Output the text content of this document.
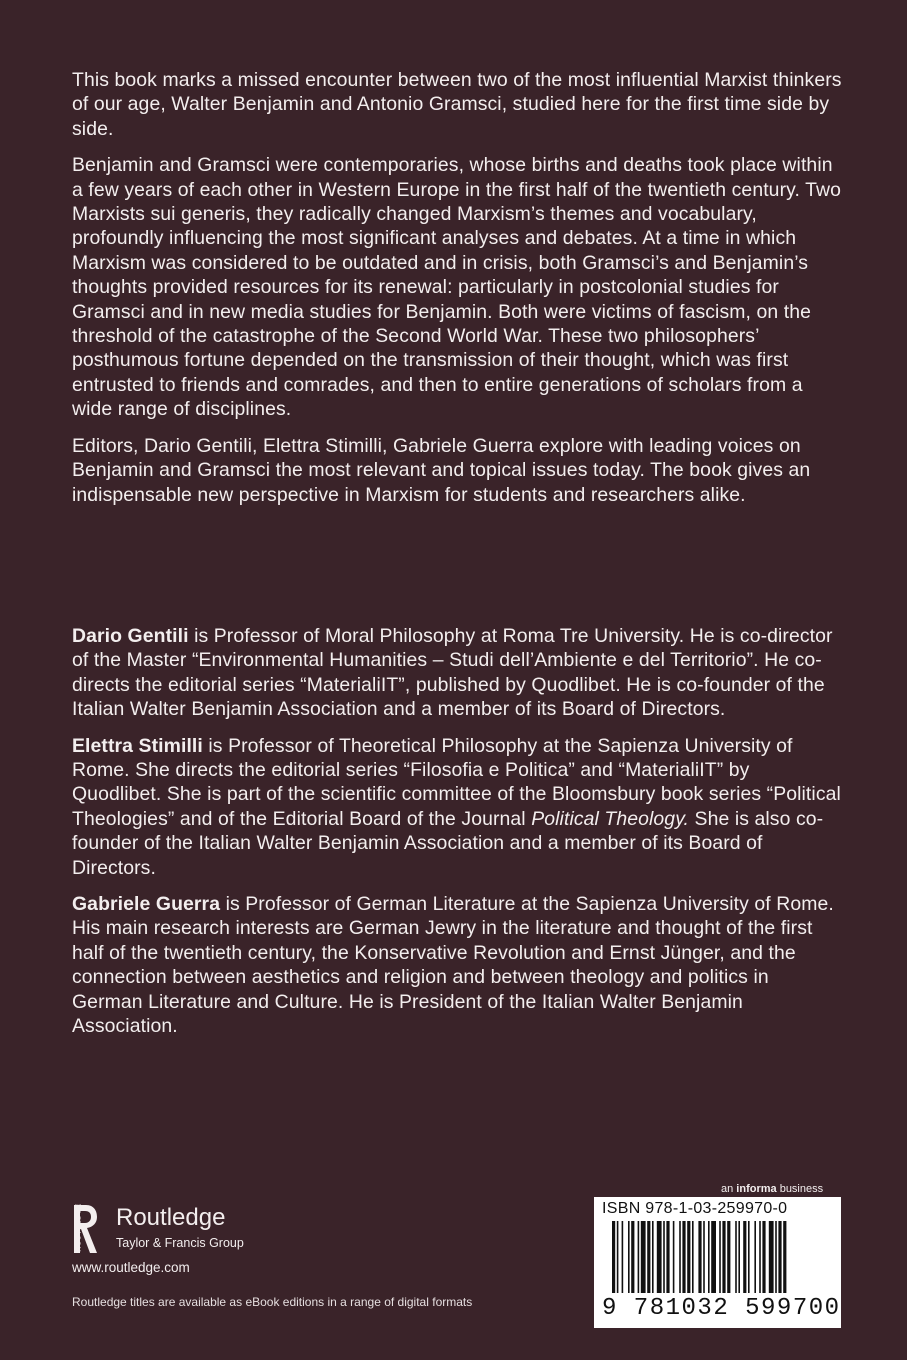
This book marks a missed encounter between two of the most influential Marxist thinkers of our age, Walter Benjamin and Antonio Gramsci, studied here for the first time side by side.

Benjamin and Gramsci were contemporaries, whose births and deaths took place within a few years of each other in Western Europe in the first half of the twentieth century. Two Marxists sui generis, they radically changed Marxism’s themes and vocabulary, profoundly influencing the most significant analyses and debates. At a time in which Marxism was considered to be outdated and in crisis, both Gramsci’s and Benjamin’s thoughts provided resources for its renewal: particularly in postcolonial studies for Gramsci and in new media studies for Benjamin. Both were victims of fascism, on the threshold of the catastrophe of the Second World War. These two philosophers’ posthumous fortune depended on the transmission of their thought, which was first entrusted to friends and comrades, and then to entire generations of scholars from a wide range of disciplines.

Editors, Dario Gentili, Elettra Stimilli, Gabriele Guerra explore with leading voices on Benjamin and Gramsci the most relevant and topical issues today. The book gives an indispensable new perspective in Marxism for students and researchers alike.

Dario Gentili is Professor of Moral Philosophy at Roma Tre University. He is co-director of the Master “Environmental Humanities – Studi dell’Ambiente e del Territorio”. He co-directs the editorial series “MaterialiIT”, published by Quodlibet. He is co-founder of the Italian Walter Benjamin Association and a member of its Board of Directors.

Elettra Stimilli is Professor of Theoretical Philosophy at the Sapienza University of Rome. She directs the editorial series “Filosofia e Politica” and “MaterialiIT” by Quodlibet. She is part of the scientific committee of the Bloomsbury book series “Political Theologies” and of the Editorial Board of the Journal Political Theology. She is also co-founder of the Italian Walter Benjamin Association and a member of its Board of Directors.

Gabriele Guerra is Professor of German Literature at the Sapienza University of Rome. His main research interests are German Jewry in the literature and thought of the first half of the twentieth century, the Konservative Revolution and Ernst Jünger, and the connection between aesthetics and religion and between theology and politics in German Literature and Culture. He is President of the Italian Walter Benjamin Association.

ROUTLEDGE Routledge
Taylor & Francis Group
www.routledge.com
Routledge titles are available as eBook editions in a range of digital formats
an informa business
ISBN 978-1-03-259970-0
9 781032 599700
